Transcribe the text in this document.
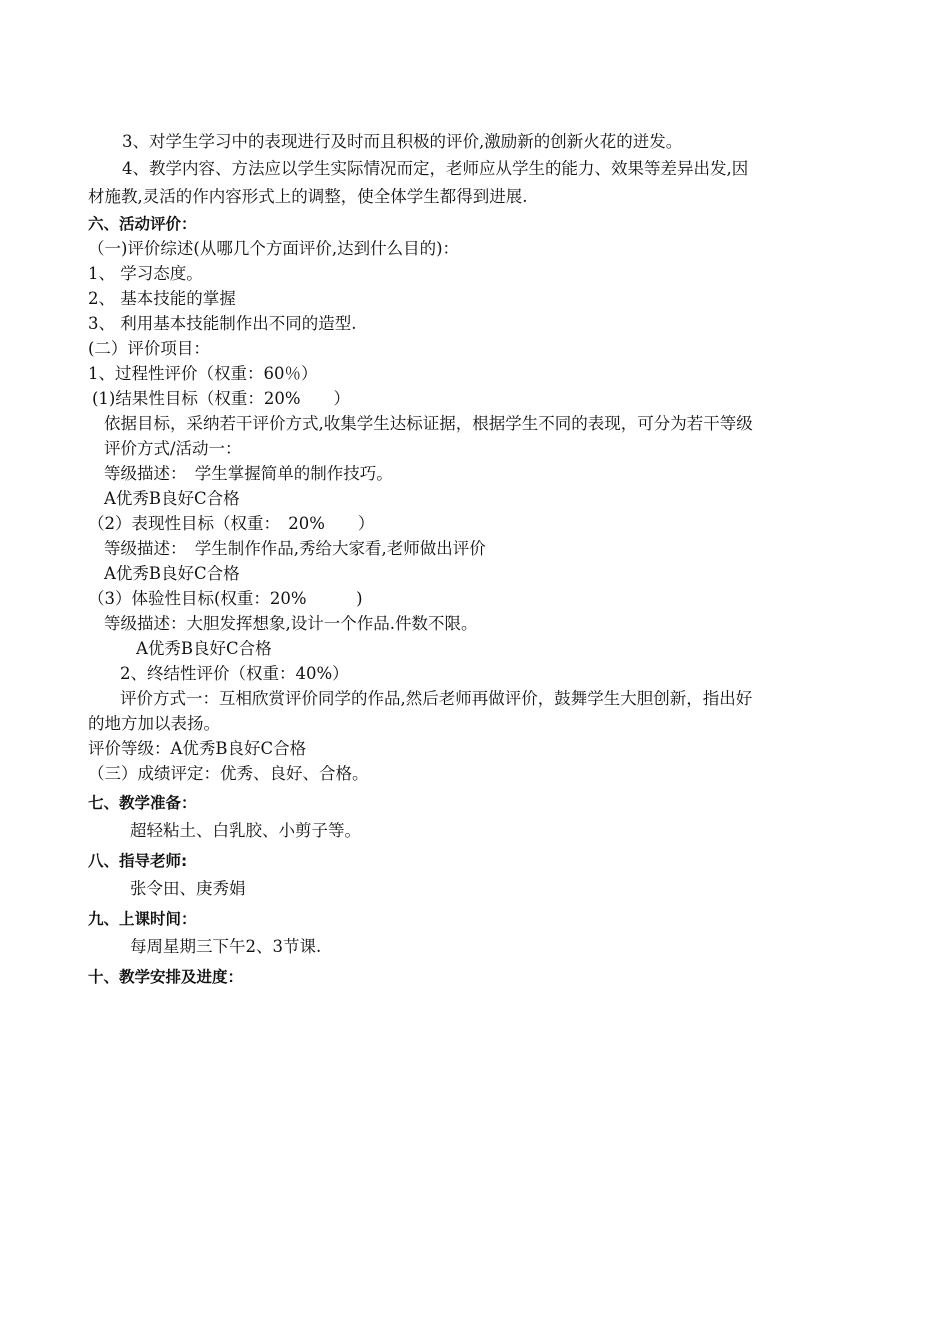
3、对学生学习中的表现进行及时而且积极的评价,激励新的创新火花的迸发。
4、教学内容、方法应以学生实际情况而定，老师应从学生的能力、效果等差异出发,因
材施教,灵活的作内容形式上的调整，使全体学生都得到进展.
六、活动评价：
（一)评价综述(从哪几个方面评价,达到什么目的)：
1、 学习态度。
2、 基本技能的掌握
3、 利用基本技能制作出不同的造型.
(二）评价项目：
1、过程性评价（权重：60％）
(1)结果性目标（权重：20%　　）
依据目标，采纳若干评价方式,收集学生达标证据，根据学生不同的表现，可分为若干等级
评价方式/活动一：
等级描述：　学生掌握简单的制作技巧。
A优秀B良好C合格
（2）表现性目标（权重：　20%　　）
等级描述：　学生制作作品,秀给大家看,老师做出评价
A优秀B良好C合格
（3）体验性目标(权重：20%　　　)
等级描述：大胆发挥想象,设计一个作品.件数不限。
A优秀B良好C合格
2、终结性评价（权重：40%）
评价方式一：互相欣赏评价同学的作品,然后老师再做评价，鼓舞学生大胆创新，指出好
的地方加以表扬。
评价等级：A优秀B良好C合格
（三）成绩评定：优秀、良好、合格。
七、教学准备：
超轻粘土、白乳胶、小剪子等。
八、指导老师:
张令田、庚秀娟
九、上课时间：
每周星期三下午2、3节课.
十、教学安排及进度：
